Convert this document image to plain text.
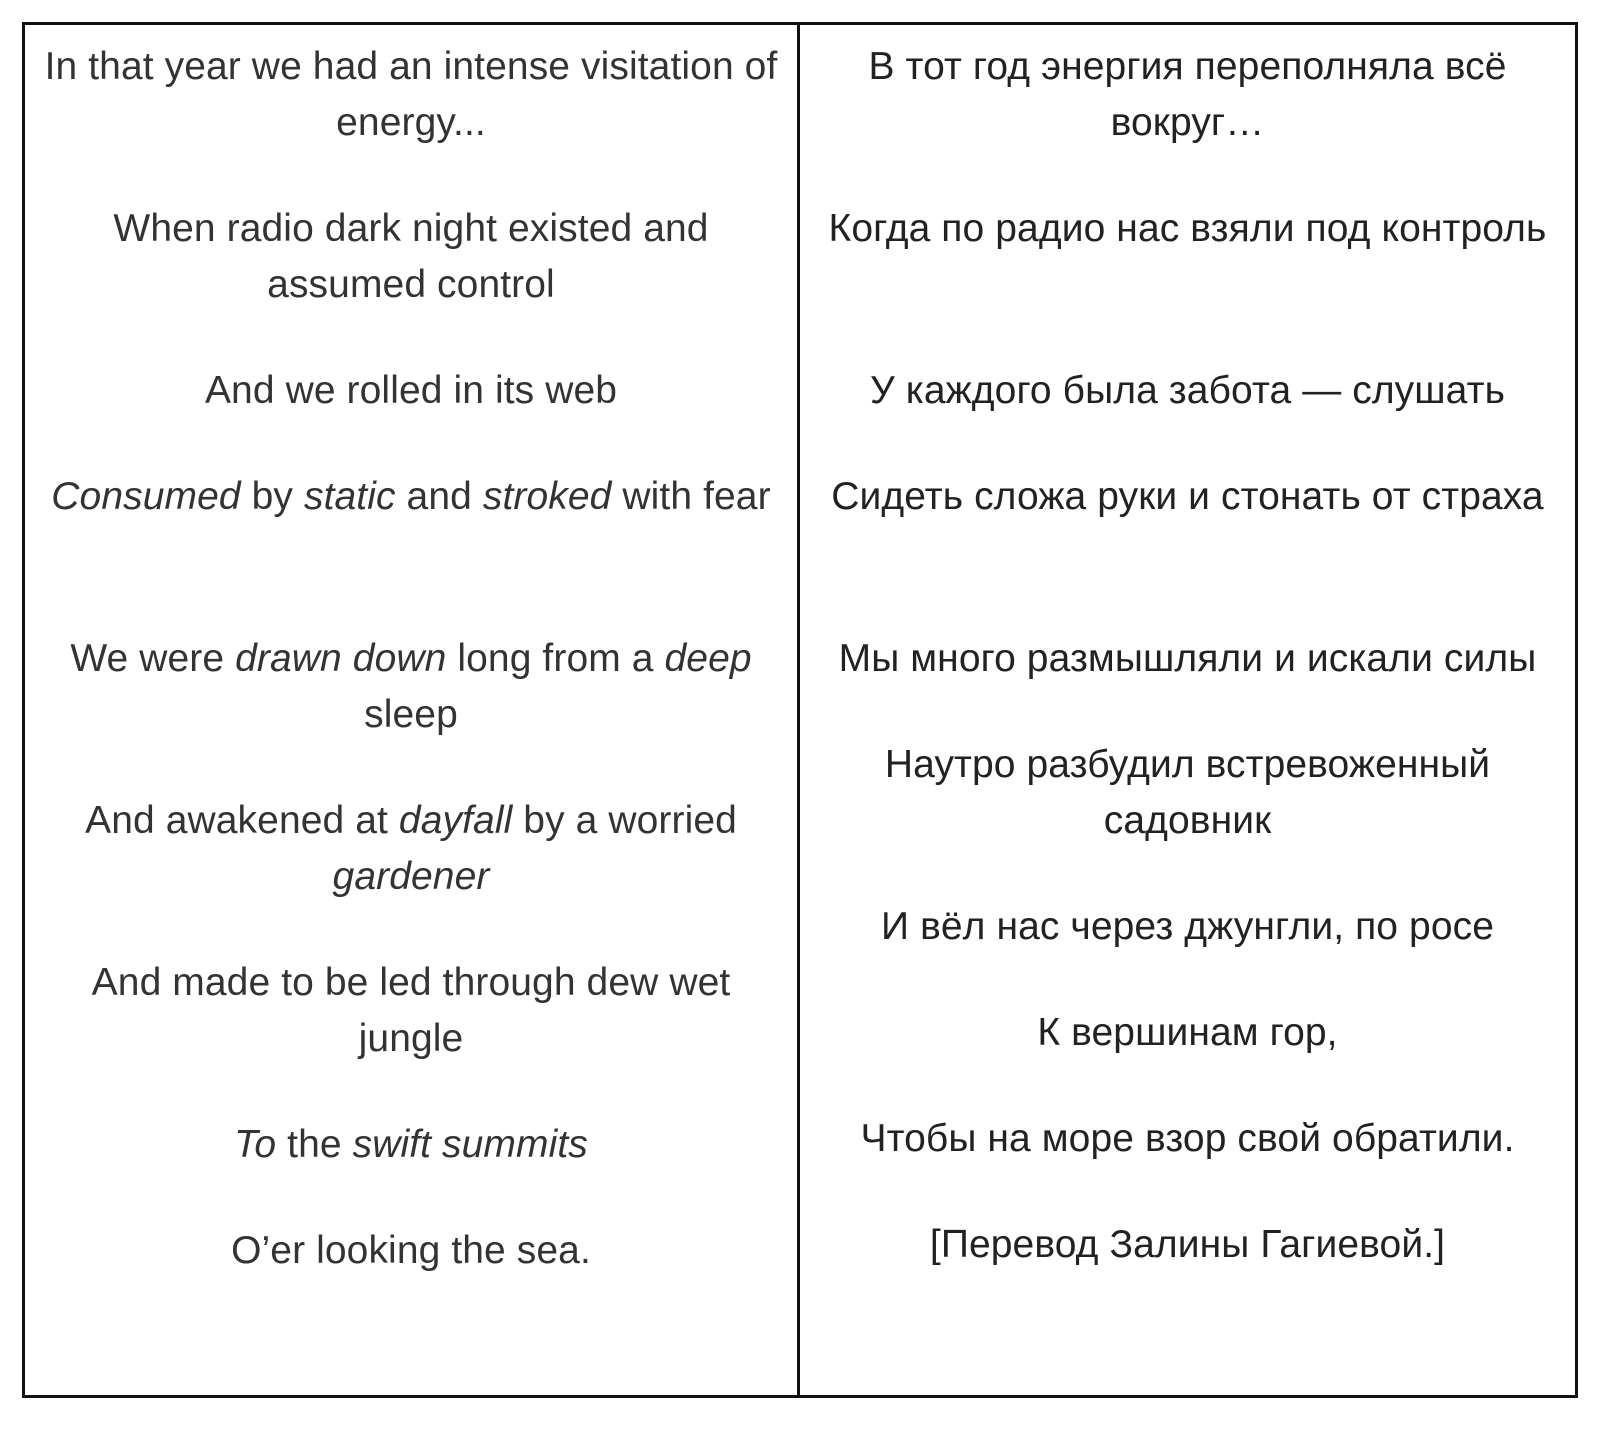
In that year we had an intense visitation of energy...

When radio dark night existed and assumed control

And we rolled in its web

Consumed by static and stroked with fear

We were drawn down long from a deep sleep

And awakened at dayfall by a worried gardener

And made to be led through dew wet jungle

To the swift summits

O’er looking the sea.

В тот год энергия переполняла всё вокруг…

Когда по радио нас взяли под контроль

У каждого была забота — слушать

Сидеть сложа руки и стонать от страха

Мы много размышляли и искали силы

Наутро разбудил встревоженный садовник

И вёл нас через джунгли, по росе

К вершинам гор,

Чтобы на море взор свой обратили.

[Перевод Залины Гагиевой.]
